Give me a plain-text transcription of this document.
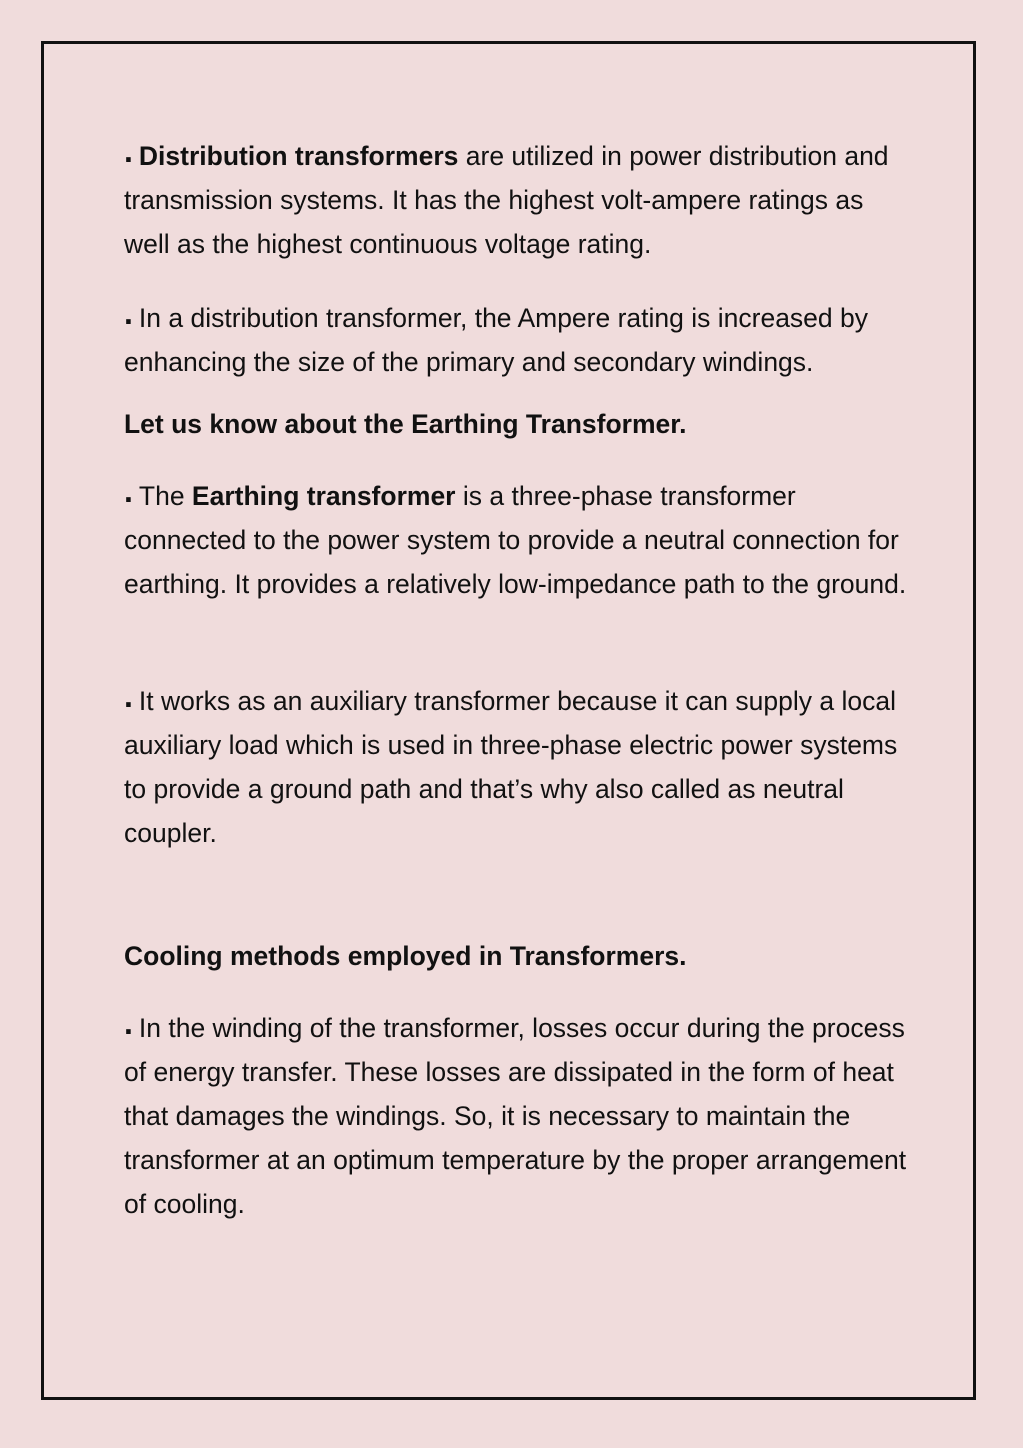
. Distribution transformers are utilized in power distribution and transmission systems. It has the highest volt-ampere ratings as well as the highest continuous voltage rating.

. In a distribution transformer, the Ampere rating is increased by enhancing the size of the primary and secondary windings.

Let us know about the Earthing Transformer.

. The Earthing transformer is a three-phase transformer connected to the power system to provide a neutral connection for earthing. It provides a relatively low-impedance path to the ground.

. It works as an auxiliary transformer because it can supply a local auxiliary load which is used in three-phase electric power systems to provide a ground path and that’s why also called as neutral coupler.

Cooling methods employed in Transformers.

. In the winding of the transformer, losses occur during the process of energy transfer. These losses are dissipated in the form of heat that damages the windings. So, it is necessary to maintain the transformer at an optimum temperature by the proper arrangement of cooling.
